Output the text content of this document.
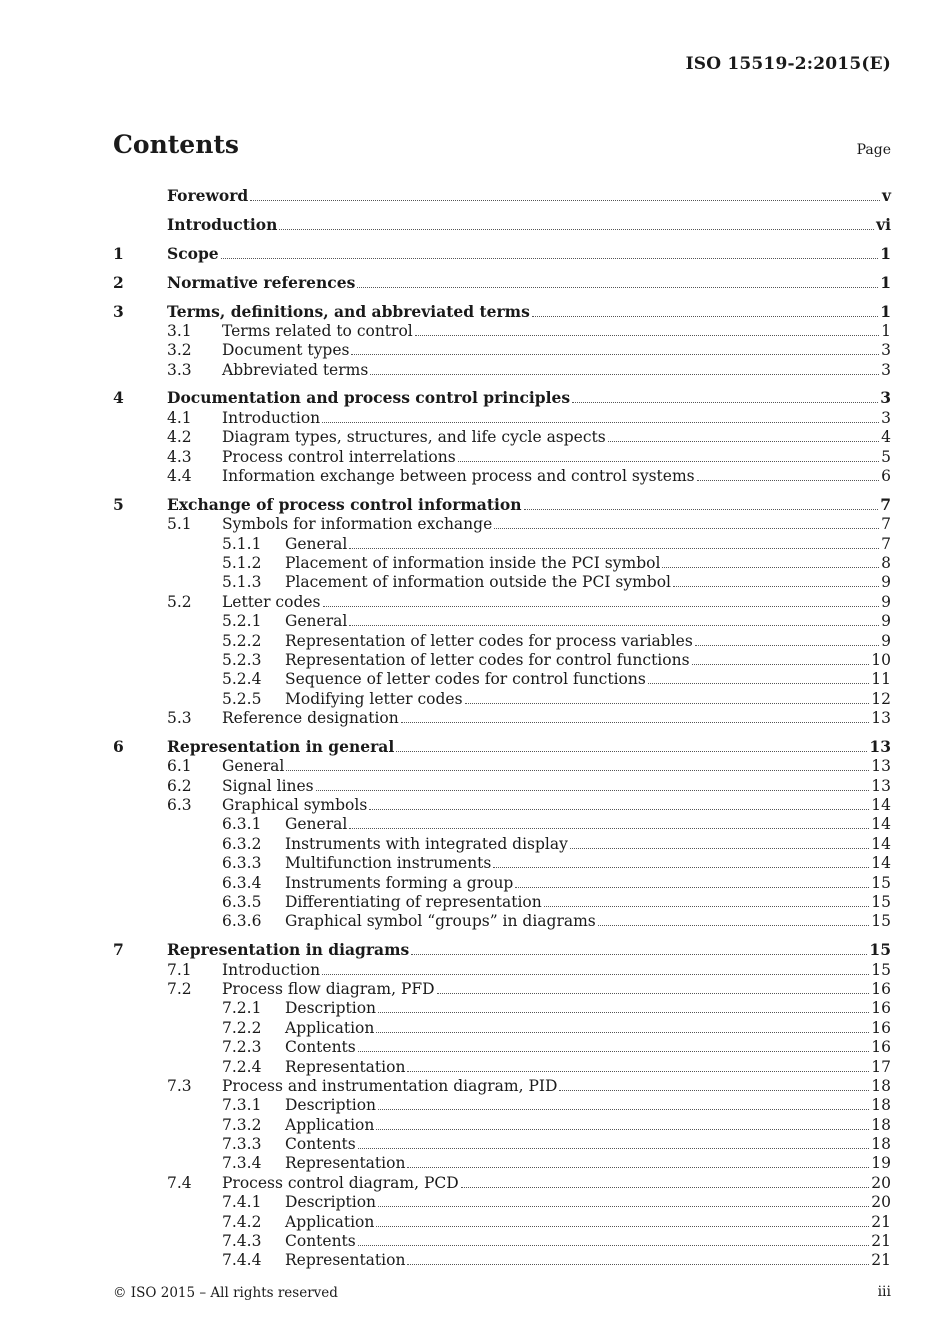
ISO 15519-2:2015(E)
Contents	Page
Foreword	v
Introduction	vi
1	Scope	1
2	Normative references	1
3	Terms, definitions, and abbreviated terms	1
3.1	Terms related to control	1
3.2	Document types	3
3.3	Abbreviated terms	3
4	Documentation and process control principles	3
4.1	Introduction	3
4.2	Diagram types, structures, and life cycle aspects	4
4.3	Process control interrelations	5
4.4	Information exchange between process and control systems	6
5	Exchange of process control information	7
5.1	Symbols for information exchange	7
5.1.1	General	7
5.1.2	Placement of information inside the PCI symbol	8
5.1.3	Placement of information outside the PCI symbol	9
5.2	Letter codes	9
5.2.1	General	9
5.2.2	Representation of letter codes for process variables	9
5.2.3	Representation of letter codes for control functions	10
5.2.4	Sequence of letter codes for control functions	11
5.2.5	Modifying letter codes	12
5.3	Reference designation	13
6	Representation in general	13
6.1	General	13
6.2	Signal lines	13
6.3	Graphical symbols	14
6.3.1	General	14
6.3.2	Instruments with integrated display	14
6.3.3	Multifunction instruments	14
6.3.4	Instruments forming a group	15
6.3.5	Differentiating of representation	15
6.3.6	Graphical symbol “groups” in diagrams	15
7	Representation in diagrams	15
7.1	Introduction	15
7.2	Process flow diagram, PFD	16
7.2.1	Description	16
7.2.2	Application	16
7.2.3	Contents	16
7.2.4	Representation	17
7.3	Process and instrumentation diagram, PID	18
7.3.1	Description	18
7.3.2	Application	18
7.3.3	Contents	18
7.3.4	Representation	19
7.4	Process control diagram, PCD	20
7.4.1	Description	20
7.4.2	Application	21
7.4.3	Contents	21
7.4.4	Representation	21
© ISO 2015 – All rights reserved	iii
